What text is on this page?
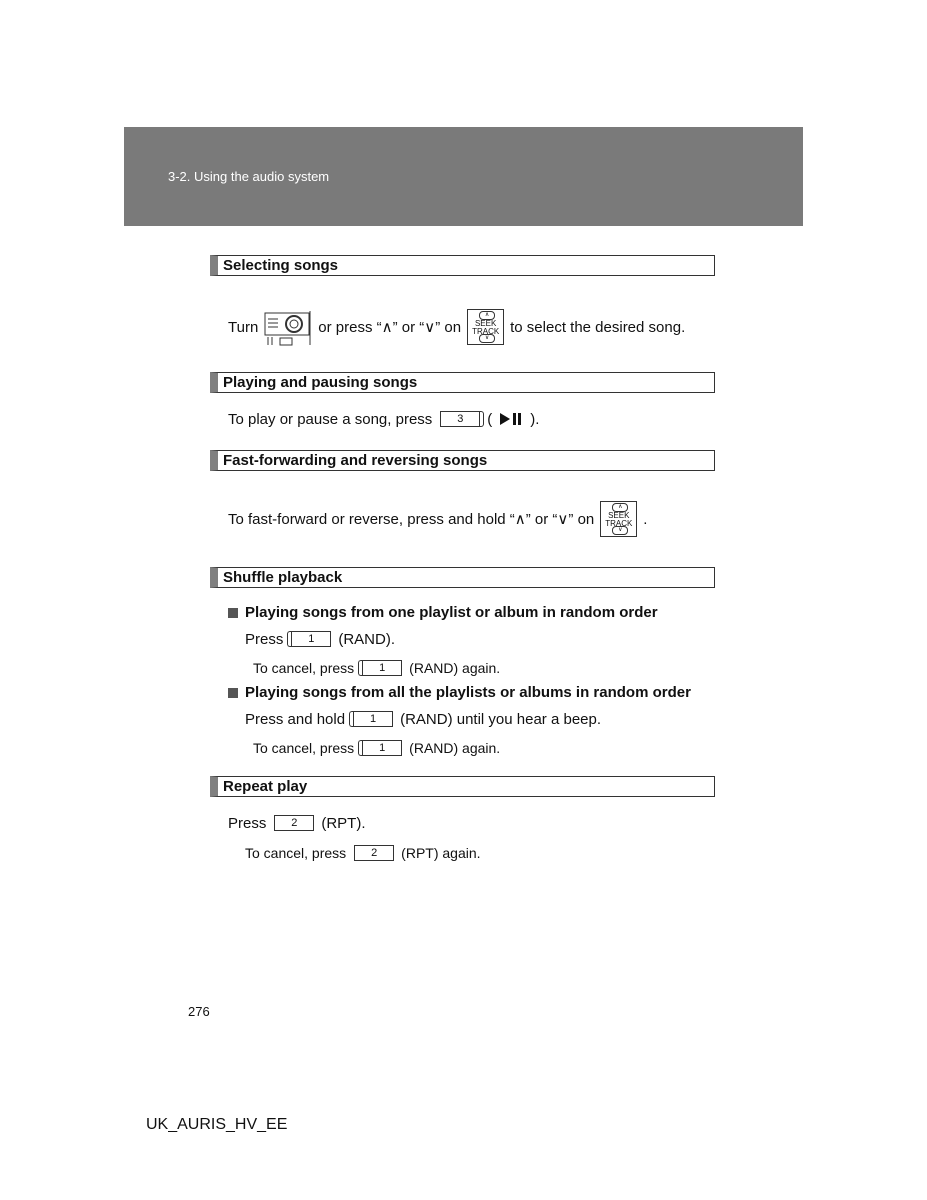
3-2. Using the audio system
Selecting songs
Turn	or press “∧” or “∨” on
∧
SEEK
TRACK
∨
to select the desired song.
Playing and pausing songs
To play or pause a song, press	3	(	).
Fast-forwarding and reversing songs
To fast-forward or reverse, press and hold “∧” or “∨” on
∧
SEEK
TRACK
∨
.
Shuffle playback
Playing songs from one playlist or album in random order
Press	1	(RAND).
To cancel, press	1	(RAND) again.
Playing songs from all the playlists or albums in random order
Press and hold	1	(RAND) until you hear a beep.
To cancel, press	1	(RAND) again.
Repeat play
Press	2	(RPT).
To cancel, press	2	(RPT) again.
276
UK_AURIS_HV_EE
